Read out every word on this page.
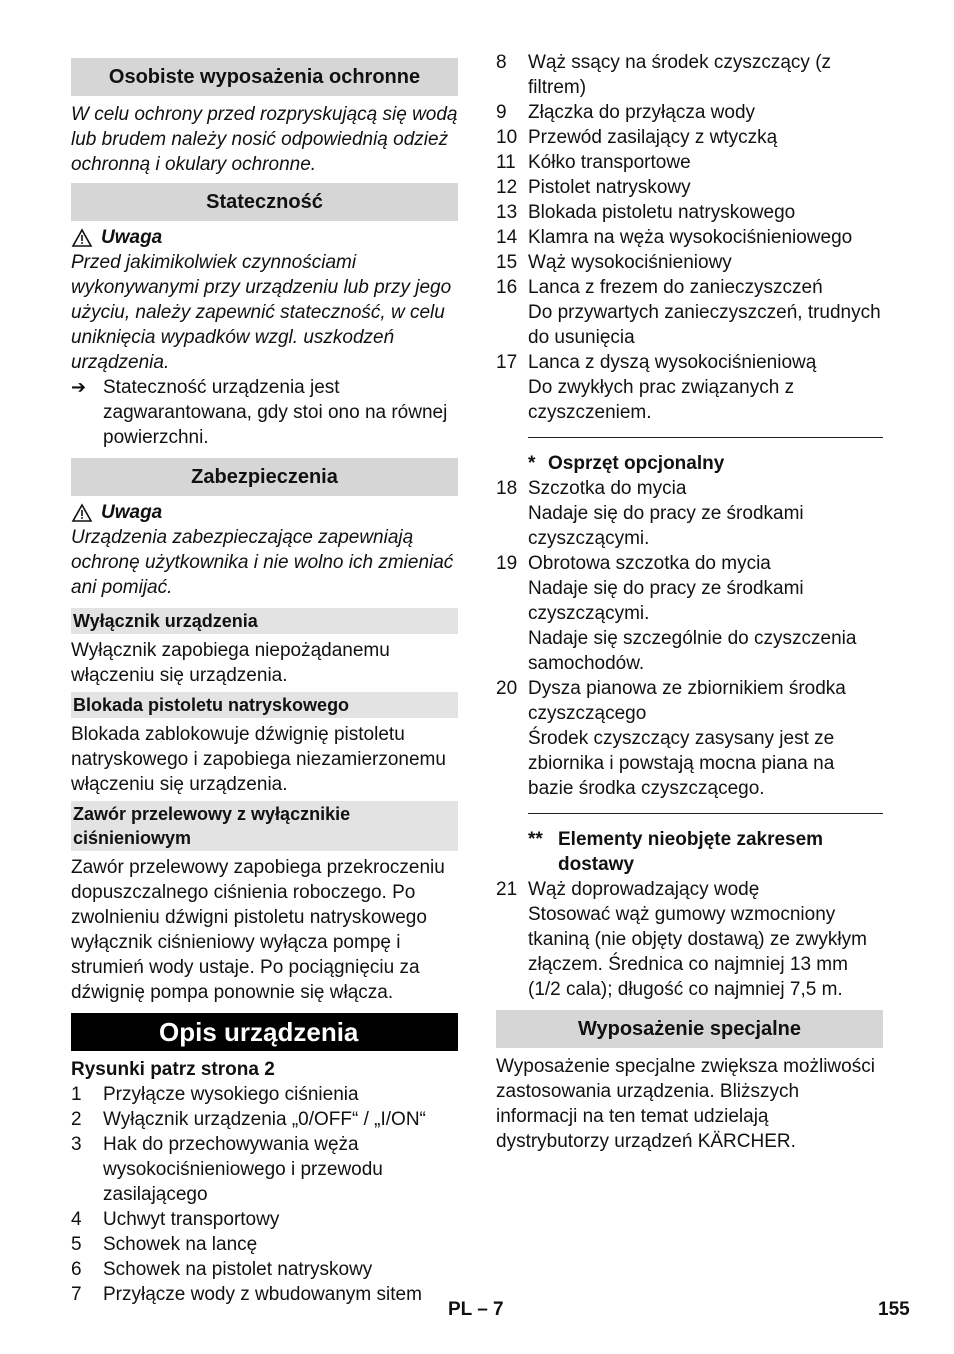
Osobiste wyposażenia ochronne

W celu ochrony przed rozpryskującą się wodą lub brudem należy nosić odpowiednią odzież ochronną i okulary ochronne.

Stateczność
Uwaga

Przed jakimikolwiek czynnościami wykonywanymi przy urządzeniu lub przy jego użyciu, należy zapewnić stateczność, w celu uniknięcia wypadków wzgl. uszkodzeń urządzenia.

➔ Stateczność urządzenia jest zagwarantowana, gdy stoi ono na równej powierzchni.
Zabezpieczenia
Uwaga

Urządzenia zabezpieczające zapewniają ochronę użytkownika i nie wolno ich zmieniać ani pomijać.

Wyłącznik urządzenia

Wyłącznik zapobiega niepożądanemu włączeniu się urządzenia.

Blokada pistoletu natryskowego

Blokada zablokowuje dźwignię pistoletu natryskowego i zapobiega niezamierzonemu włączeniu się urządzenia.

Zawór przelewowy z wyłącznikie ciśnieniowym

Zawór przelewowy zapobiega przekroczeniu dopuszczalnego ciśnienia roboczego. Po zwolnieniu dźwigni pistoletu natryskowego wyłącznik ciśnieniowy wyłącza pompę i strumień wody ustaje. Po pociągnięciu za dźwignię pompa ponownie się włącza.

Opis urządzenia

Rysunki patrz strona 2

1	Przyłącze wysokiego ciśnienia
2	Wyłącznik urządzenia „0/OFF“ / „I/ON“
3	Hak do przechowywania węża wysokociśnieniowego i przewodu zasilającego
4	Uchwyt transportowy
5	Schowek na lancę
6	Schowek na pistolet natryskowy
7	Przyłącze wody z wbudowanym sitem
8	Wąż ssący na środek czyszczący (z filtrem)
9	Złączka do przyłącza wody
10 Przewód zasilający z wtyczką
11 Kółko transportowe
12 Pistolet natryskowy
13 Blokada pistoletu natryskowego
14 Klamra na węża wysokociśnieniowego
15 Wąż wysokociśnieniowy
16 Lanca z frezem do zanieczyszczeń
Do przywartych zanieczyszczeń, trudnych do usunięcia
17 Lanca z dyszą wysokociśnieniową
Do zwykłych prac związanych z czyszczeniem.
* Osprzęt opcjonalny
18 Szczotka do mycia
Nadaje się do pracy ze środkami czyszczącymi.
19 Obrotowa szczotka do mycia
Nadaje się do pracy ze środkami czyszczącymi.
Nadaje się szczególnie do czyszczenia samochodów.
20 Dysza pianowa ze zbiornikiem środka czyszczącego
Środek czyszczący zasysany jest ze zbiornika i powstają mocna piana na bazie środka czyszczącego.
** Elementy nieobjęte zakresem dostawy
21 Wąż doprowadzający wodę
Stosować wąż gumowy wzmocniony tkaniną (nie objęty dostawą) ze zwykłym złączem. Średnica co najmniej 13 mm (1/2 cala); długość co najmniej 7,5 m.
Wyposażenie specjalne

Wyposażenie specjalne zwiększa możliwości zastosowania urządzenia. Bliższych informacji na ten temat udzielają dystrybutorzy urządzeń KÄRCHER.

PL – 7	155
